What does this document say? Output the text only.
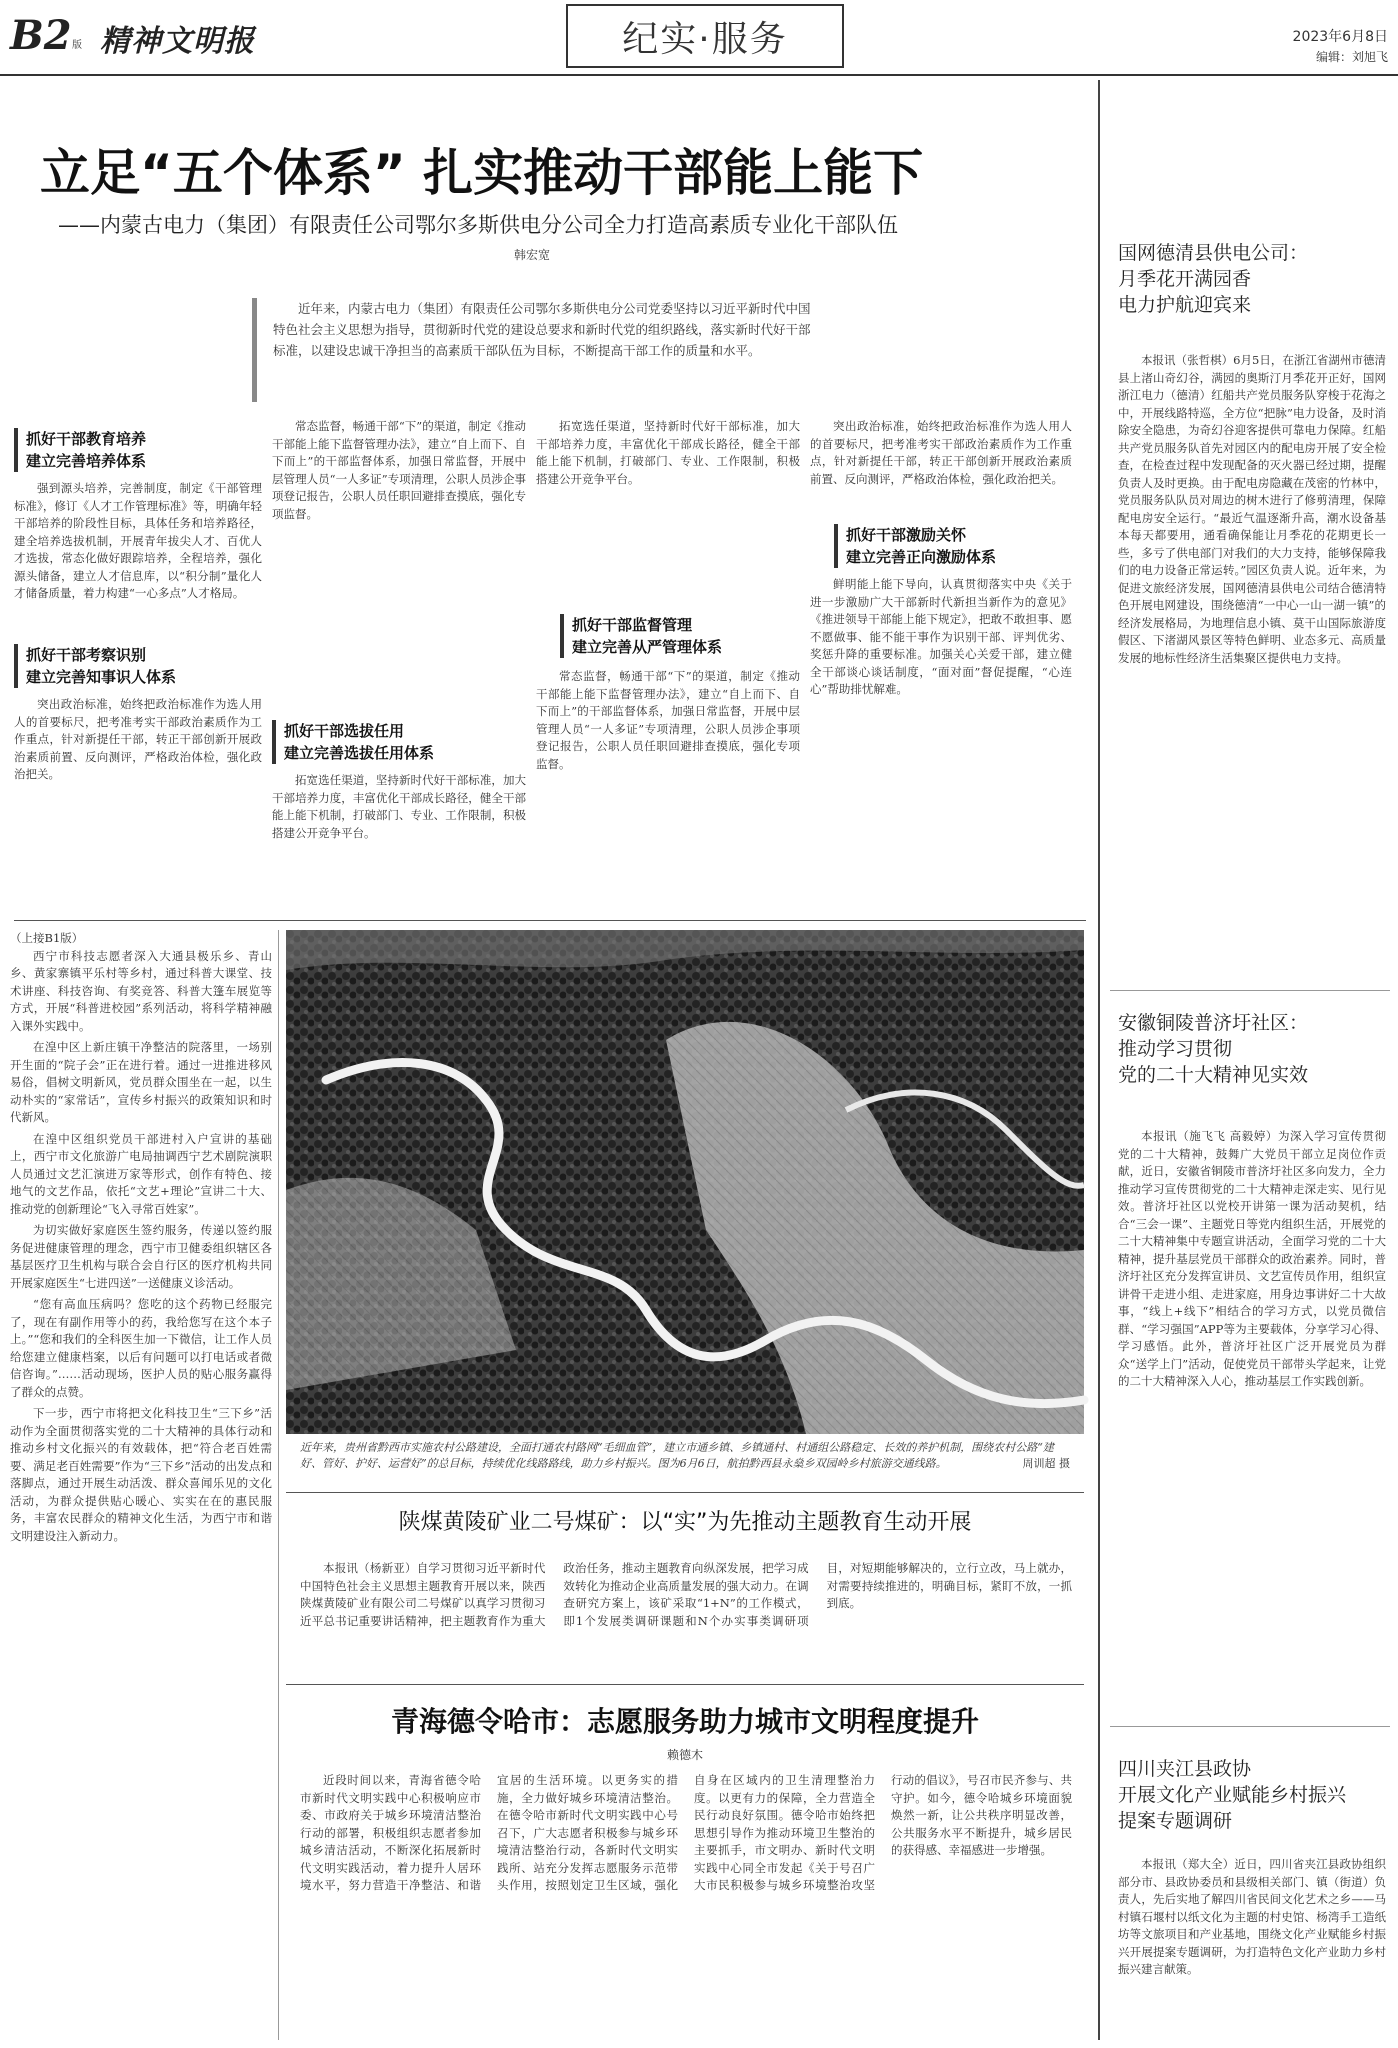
B2 版 精神文明报	纪实·服务	2023年6月8日
编辑：刘旭飞
立足“五个体系” 扎实推动干部能上能下
——内蒙古电力（集团）有限责任公司鄂尔多斯供电分公司全力打造高素质专业化干部队伍
韩宏宽
近年来，内蒙古电力（集团）有限责任公司鄂尔多斯供电分公司党委坚持以习近平新时代中国特色社会主义思想为指导，贯彻新时代党的建设总要求和新时代党的组织路线，落实新时代好干部标准，以建设忠诚干净担当的高素质干部队伍为目标，不断提高干部工作的质量和水平。
抓好干部教育培养
建立完善培养体系
强到源头培养，完善制度，制定《干部管理标准》，修订《人才工作管理标准》等，明确年轻干部培养的阶段性目标，具体任务和培养路径，建全培养选拔机制，开展青年拔尖人才、百优人才选拔，常态化做好跟踪培养，全程培养，强化源头储备，建立人才信息库，以“积分制”量化人才储备质量，着力构建“一心多点”人才格局。
抓好干部考察识别
建立完善知事识人体系
突出政治标准，始终把政治标准作为选人用人的首要标尺，把考准考实干部政治素质作为工作重点，针对新提任干部，转正干部创新开展政治素质前置、反向测评，严格政治体检，强化政治把关。
常态监督，畅通干部“下”的渠道，制定《推动干部能上能下监督管理办法》，建立“自上而下、自下而上”的干部监督体系，加强日常监督，开展中层管理人员“一人多证”专项清理，公职人员涉企事项登记报告，公职人员任职回避排查摸底，强化专项监督。
抓好干部选拔任用
建立完善选拔任用体系
拓宽选任渠道，坚持新时代好干部标准，加大干部培养力度，丰富优化干部成长路径，健全干部能上能下机制，打破部门、专业、工作限制，积极搭建公开竞争平台。
拓宽选任渠道，坚持新时代好干部标准，加大干部培养力度，丰富优化干部成长路径，健全干部能上能下机制，打破部门、专业、工作限制，积极搭建公开竞争平台。
抓好干部监督管理
建立完善从严管理体系
常态监督，畅通干部“下”的渠道，制定《推动干部能上能下监督管理办法》，建立“自上而下、自下而上”的干部监督体系，加强日常监督，开展中层管理人员“一人多证”专项清理，公职人员涉企事项登记报告，公职人员任职回避排查摸底，强化专项监督。
突出政治标准，始终把政治标准作为选人用人的首要标尺，把考准考实干部政治素质作为工作重点，针对新提任干部，转正干部创新开展政治素质前置、反向测评，严格政治体检，强化政治把关。
抓好干部激励关怀
建立完善正向激励体系
鲜明能上能下导向，认真贯彻落实中央《关于进一步激励广大干部新时代新担当新作为的意见》《推进领导干部能上能下规定》，把敢不敢担事、愿不愿做事、能不能干事作为识别干部、评判优劣、奖惩升降的重要标准。加强关心关爱干部，建立健全干部谈心谈话制度，“面对面”督促提醒，“心连心”帮助排忧解难。
（上接B1版）
西宁市科技志愿者深入大通县极乐乡、青山乡、黄家寨镇平乐村等乡村，通过科普大课堂、技术讲座、科技咨询、有奖竞答、科普大篷车展览等方式，开展“科普进校园”系列活动，将科学精神融入课外实践中。
在湟中区上新庄镇干净整洁的院落里，一场别开生面的“院子会”正在进行着。通过一进推进移风易俗，倡树文明新风，党员群众围坐在一起，以生动朴实的“家常话”，宣传乡村振兴的政策知识和时代新风。
在湟中区组织党员干部进村入户宣讲的基础上，西宁市文化旅游广电局抽调西宁艺术剧院演职人员通过文艺汇演进万家等形式，创作有特色、接地气的文艺作品，依托“文艺+理论”宣讲二十大、推动党的创新理论“飞入寻常百姓家”。
为切实做好家庭医生签约服务，传递以签约服务促进健康管理的理念，西宁市卫健委组织辖区各基层医疗卫生机构与联合会自行区的医疗机构共同开展家庭医生“七进四送”一送健康义诊活动。
“您有高血压病吗？您吃的这个药物已经服完了，现在有副作用等小的药，我给您写在这个本子上。”“您和我们的全科医生加一下微信，让工作人员给您建立健康档案，以后有问题可以打电话或者微信咨询。”……活动现场，医护人员的贴心服务赢得了群众的点赞。
下一步，西宁市将把文化科技卫生“三下乡”活动作为全面贯彻落实党的二十大精神的具体行动和推动乡村文化振兴的有效载体，把“符合老百姓需要、满足老百姓需要”作为“三下乡”活动的出发点和落脚点，通过开展生动活泼、群众喜闻乐见的文化活动，为群众提供贴心暖心、实实在在的惠民服务，丰富农民群众的精神文化生活，为西宁市和谐文明建设注入新动力。
近年来，贵州省黔西市实施农村公路建设，全面打通农村路网“毛细血管”，建立市通乡镇、乡镇通村、村通组公路稳定、长效的养护机制，围绕农村公路“建好、管好、护好、运营好”的总目标，持续优化线路路线，助力乡村振兴。图为6月6日，航拍黔西县永燊乡双园岭乡村旅游交通线路。	周训超 摄
陕煤黄陵矿业二号煤矿：以“实”为先推动主题教育生动开展
本报讯（杨新亚）自学习贯彻习近平新时代中国特色社会主义思想主题教育开展以来，陕西陕煤黄陵矿业有限公司二号煤矿以真学习贯彻习近平总书记重要讲话精神，把主题教育作为重大政治任务，推动主题教育向纵深发展，把学习成效转化为推动企业高质量发展的强大动力。在调查研究方案上，该矿采取“1+N”的工作模式，即1个发展类调研课题和N个办实事类调研项目，对短期能够解决的，立行立改，马上就办，对需要持续推进的，明确目标，紧盯不放，一抓到底。
青海德令哈市：志愿服务助力城市文明程度提升
赖德木
近段时间以来，青海省德令哈市新时代文明实践中心积极响应市委、市政府关于城乡环境清洁整治行动的部署，积极组织志愿者参加城乡清洁活动，不断深化拓展新时代文明实践活动，着力提升人居环境水平，努力营造干净整洁、和谐宜居的生活环境。以更务实的措施，全力做好城乡环境清洁整治。在德令哈市新时代文明实践中心号召下，广大志愿者积极参与城乡环境清洁整治行动，各新时代文明实践所、站充分发挥志愿服务示范带头作用，按照划定卫生区域，强化自身在区域内的卫生清理整治力度。以更有力的保障，全力营造全民行动良好氛围。德令哈市始终把思想引导作为推动环境卫生整治的主要抓手，市文明办、新时代文明实践中心同全市发起《关于号召广大市民积极参与城乡环境整治攻坚行动的倡议》，号召市民齐参与、共守护。如今，德令哈城乡环境面貌焕然一新，让公共秩序明显改善，公共服务水平不断提升，城乡居民的获得感、幸福感进一步增强。
国网德清县供电公司：
月季花开满园香
电力护航迎宾来
本报讯（张哲棋）6月5日，在浙江省湖州市德清县上渚山奇幻谷，满园的奥斯汀月季花开正好，国网浙江电力（德清）红船共产党员服务队穿梭于花海之中，开展线路特巡，全方位“把脉”电力设备，及时消除安全隐患，为奇幻谷迎客提供可靠电力保障。红船共产党员服务队首先对园区内的配电房开展了安全检查，在检查过程中发现配备的灭火器已经过期，提醒负责人及时更换。由于配电房隐藏在茂密的竹林中，党员服务队队员对周边的树木进行了修剪清理，保障配电房安全运行。“最近气温逐渐升高，潮水设备基本每天都要用，通看确保能让月季花的花期更长一些，多亏了供电部门对我们的大力支持，能够保障我们的电力设备正常运转。”园区负责人说。近年来，为促进文旅经济发展，国网德清县供电公司结合德清特色开展电网建设，围绕德清“一中心一山一湖一镇”的经济发展格局，为地理信息小镇、莫干山国际旅游度假区、下渚湖风景区等特色鲜明、业态多元、高质量发展的地标性经济生活集聚区提供电力支持。
安徽铜陵普济圩社区：
推动学习贯彻
党的二十大精神见实效
本报讯（施飞飞 高毅婷）为深入学习宣传贯彻党的二十大精神，鼓舞广大党员干部立足岗位作贡献，近日，安徽省铜陵市普济圩社区多向发力，全力推动学习宣传贯彻党的二十大精神走深走实、见行见效。普济圩社区以党校开讲第一课为活动契机，结合“三会一课”、主题党日等党内组织生活，开展党的二十大精神集中专题宣讲活动，全面学习党的二十大精神，提升基层党员干部群众的政治素养。同时，普济圩社区充分发挥宣讲员、文艺宣传员作用，组织宣讲骨干走进小组、走进家庭，用身边事讲好二十大故事，“线上+线下”相结合的学习方式，以党员微信群、“学习强国”APP等为主要载体，分享学习心得、学习感悟。此外，普济圩社区广泛开展党员为群众“送学上门”活动，促使党员干部带头学起来，让党的二十大精神深入人心，推动基层工作实践创新。
四川夹江县政协
开展文化产业赋能乡村振兴
提案专题调研
本报讯（郑大全）近日，四川省夹江县政协组织部分市、县政协委员和县级相关部门、镇（街道）负责人，先后实地了解四川省民间文化艺术之乡——马村镇石堰村以纸文化为主题的村史馆、杨湾手工造纸坊等文旅项目和产业基地，围绕文化产业赋能乡村振兴开展提案专题调研，为打造特色文化产业助力乡村振兴建言献策。
